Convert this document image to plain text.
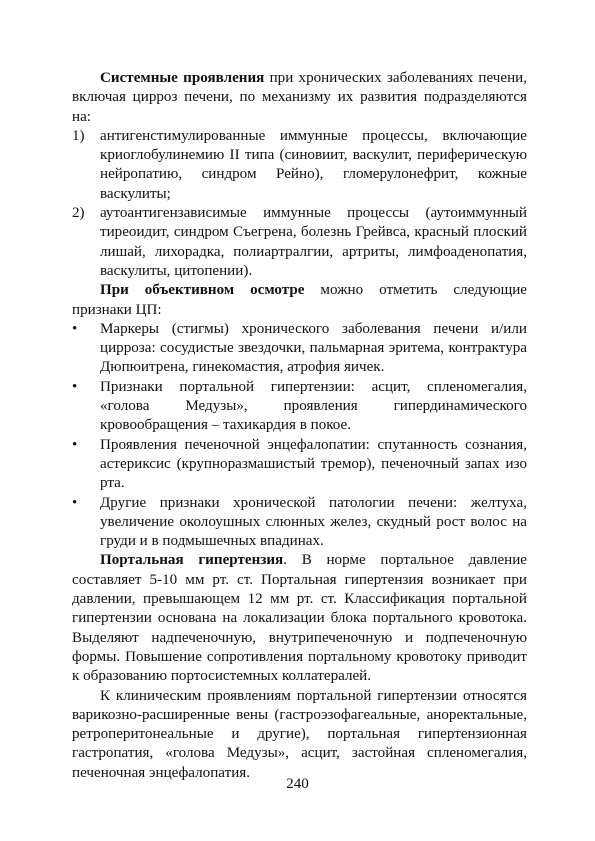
Системные проявления при хронических заболеваниях печени, включая цирроз печени, по механизму их развития подразделяются на:

1) антигенстимулированные иммунные процессы, включающие криоглобулинемию II типа (синовиит, васкулит, периферическую нейропатию, синдром Рейно), гломерулонефрит, кожные васкулиты;
2) аутоантигензависимые иммунные процессы (аутоиммунный тиреоидит, синдром Съегрена, болезнь Грейвса, красный плоский лишай, лихорадка, полиартралгии, артриты, лимфоаденопатия, васкулиты, цитопении).

При объективном осмотре можно отметить следующие признаки ЦП:

• Маркеры (стигмы) хронического заболевания печени и/или цирроза: сосудистые звездочки, пальмарная эритема, контрактура Дюпюитрена, гинекомастия, атрофия яичек.
• Признаки портальной гипертензии: асцит, спленомегалия, «голова Медузы», проявления гипердинамического кровообращения – тахикардия в покое.
• Проявления печеночной энцефалопатии: спутанность сознания, астериксис (крупноразмашистый тремор), печеночный запах изо рта.
• Другие признаки хронической патологии печени: желтуха, увеличение околоушных слюнных желез, скудный рост волос на груди и в подмышечных впадинах.

Портальная гипертензия. В норме портальное давление составляет 5-10 мм рт. ст. Портальная гипертензия возникает при давлении, превышающем 12 мм рт. ст. Классификация портальной гипертензии основана на локализации блока портального кровотока. Выделяют надпеченочную, внутрипеченочную и подпеченочную формы. Повышение сопротивления портальному кровотоку приводит к образованию портосистемных коллатералей.

К клиническим проявлениям портальной гипертензии относятся варикозно-расширенные вены (гастроэзофагеальные, аноректальные, ретроперитонеальные и другие), портальная гипертензионная гастропатия, «голова Медузы», асцит, застойная спленомегалия, печеночная энцефалопатия.

240
